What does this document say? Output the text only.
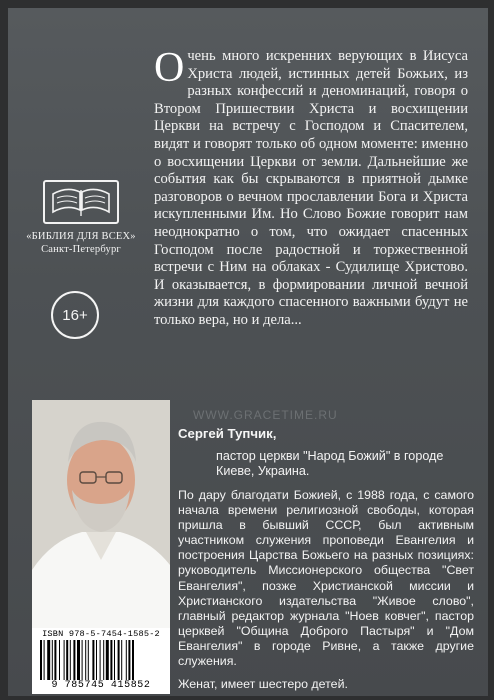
«БИБЛИЯ ДЛЯ ВСЕХ»
Санкт-Петербург
16+
Очень много искренних верующих в Иисуса Христа людей, истинных детей Божьих, из разных конфессий и деноминаций, говоря о Втором Пришествии Христа и восхищении Церкви на встречу с Господом и Спасителем, видят и говорят только об одном моменте: именно о восхищении Церкви от земли. Дальнейшие же события как бы скрываются в приятной дымке разговоров о вечном прославлении Бога и Христа искупленными Им. Но Слово Божие говорит нам неоднократно о том, что ожидает спасенных Господом после радостной и торжественной встречи с Ним на облаках - Судилище Христово. И оказывается, в формировании личной вечной жизни для каждого спасенного важными будут не только вера, но и дела...
WWW.GRACETIME.RU
Сергей Тупчик,
пастор церкви "Народ Божий" в городе Киеве, Украина.

По дару благодати Божией, с 1988 года, с самого начала времени религиозной свободы, которая пришла в бывший СССР, был активным участником служения проповеди Евангелия и построения Царства Божьего на разных позициях: руководитель Миссионерского общества "Свет Евангелия", позже Христианской миссии и Христианского издательства "Живое слово", главный редактор журнала "Ноев ковчег", пастор церквей "Община Доброго Пастыря" и "Дом Евангелия" в городе Ривне, а также другие служения.

Женат, имеет шестеро детей.

ISBN 978-5-7454-1585-2
9 785745 415852
